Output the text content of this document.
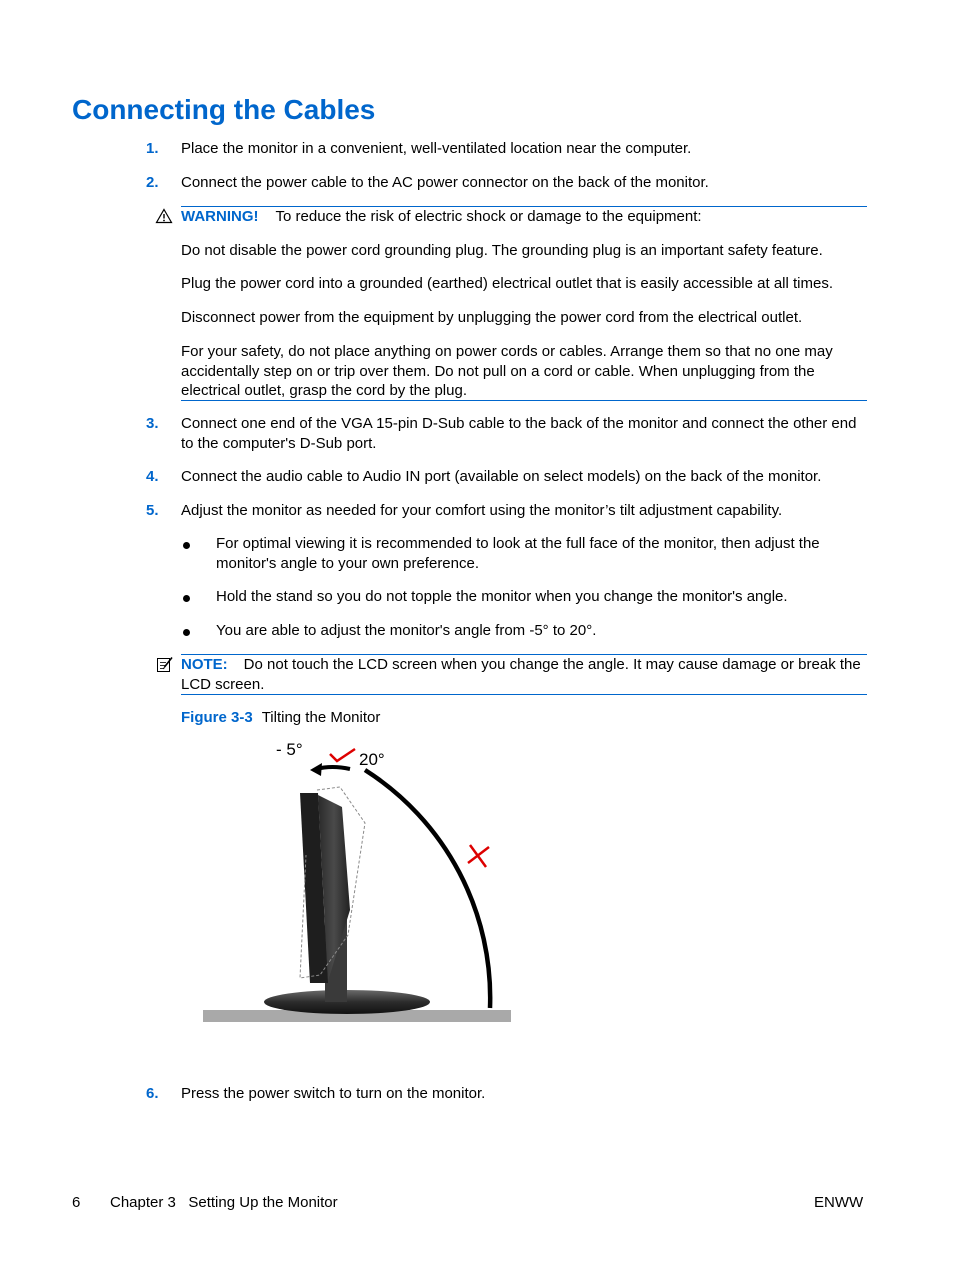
Connecting the Cables
1. Place the monitor in a convenient, well-ventilated location near the computer.
2. Connect the power cable to the AC power connector on the back of the monitor.
WARNING! To reduce the risk of electric shock or damage to the equipment:
Do not disable the power cord grounding plug. The grounding plug is an important safety feature.
Plug the power cord into a grounded (earthed) electrical outlet that is easily accessible at all times.
Disconnect power from the equipment by unplugging the power cord from the electrical outlet.
For your safety, do not place anything on power cords or cables. Arrange them so that no one may accidentally step on or trip over them. Do not pull on a cord or cable. When unplugging from the electrical outlet, grasp the cord by the plug.
3. Connect one end of the VGA 15-pin D-Sub cable to the back of the monitor and connect the other end to the computer's D-Sub port.
4. Connect the audio cable to Audio IN port (available on select models) on the back of the monitor.
5. Adjust the monitor as needed for your comfort using the monitor’s tilt adjustment capability.
For optimal viewing it is recommended to look at the full face of the monitor, then adjust the monitor's angle to your own preference.
Hold the stand so you do not topple the monitor when you change the monitor's angle.
You are able to adjust the monitor's angle from -5° to 20°.
NOTE: Do not touch the LCD screen when you change the angle. It may cause damage or break the LCD screen.
Figure 3-3 Tilting the Monitor
- 5°
20°
6. Press the power switch to turn on the monitor.
6 Chapter 3   Setting Up the Monitor	ENWW
